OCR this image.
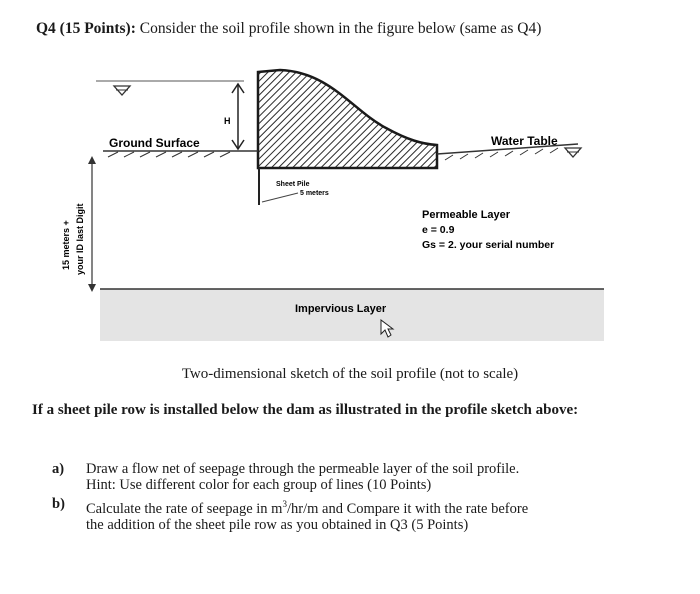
Q4 (15 Points): Consider the soil profile shown in the figure below (same as Q4)
H
Ground Surface	Water Table
Sheet Pile
5 meters
15 meters + your ID last Digit	Permeable Layer
e = 0.9
Gs = 2. your serial number
Impervious Layer
Two-dimensional sketch of the soil profile (not to scale)
If a sheet pile row is installed below the dam as illustrated in the profile sketch above:
a) Draw a flow net of seepage through the permeable layer of the soil profile.
Hint: Use different color for each group of lines (10 Points)
b) Calculate the rate of seepage in $m^3/hr/m$ and Compare it with the rate before
the addition of the sheet pile row as you obtained in Q3 (5 Points)
